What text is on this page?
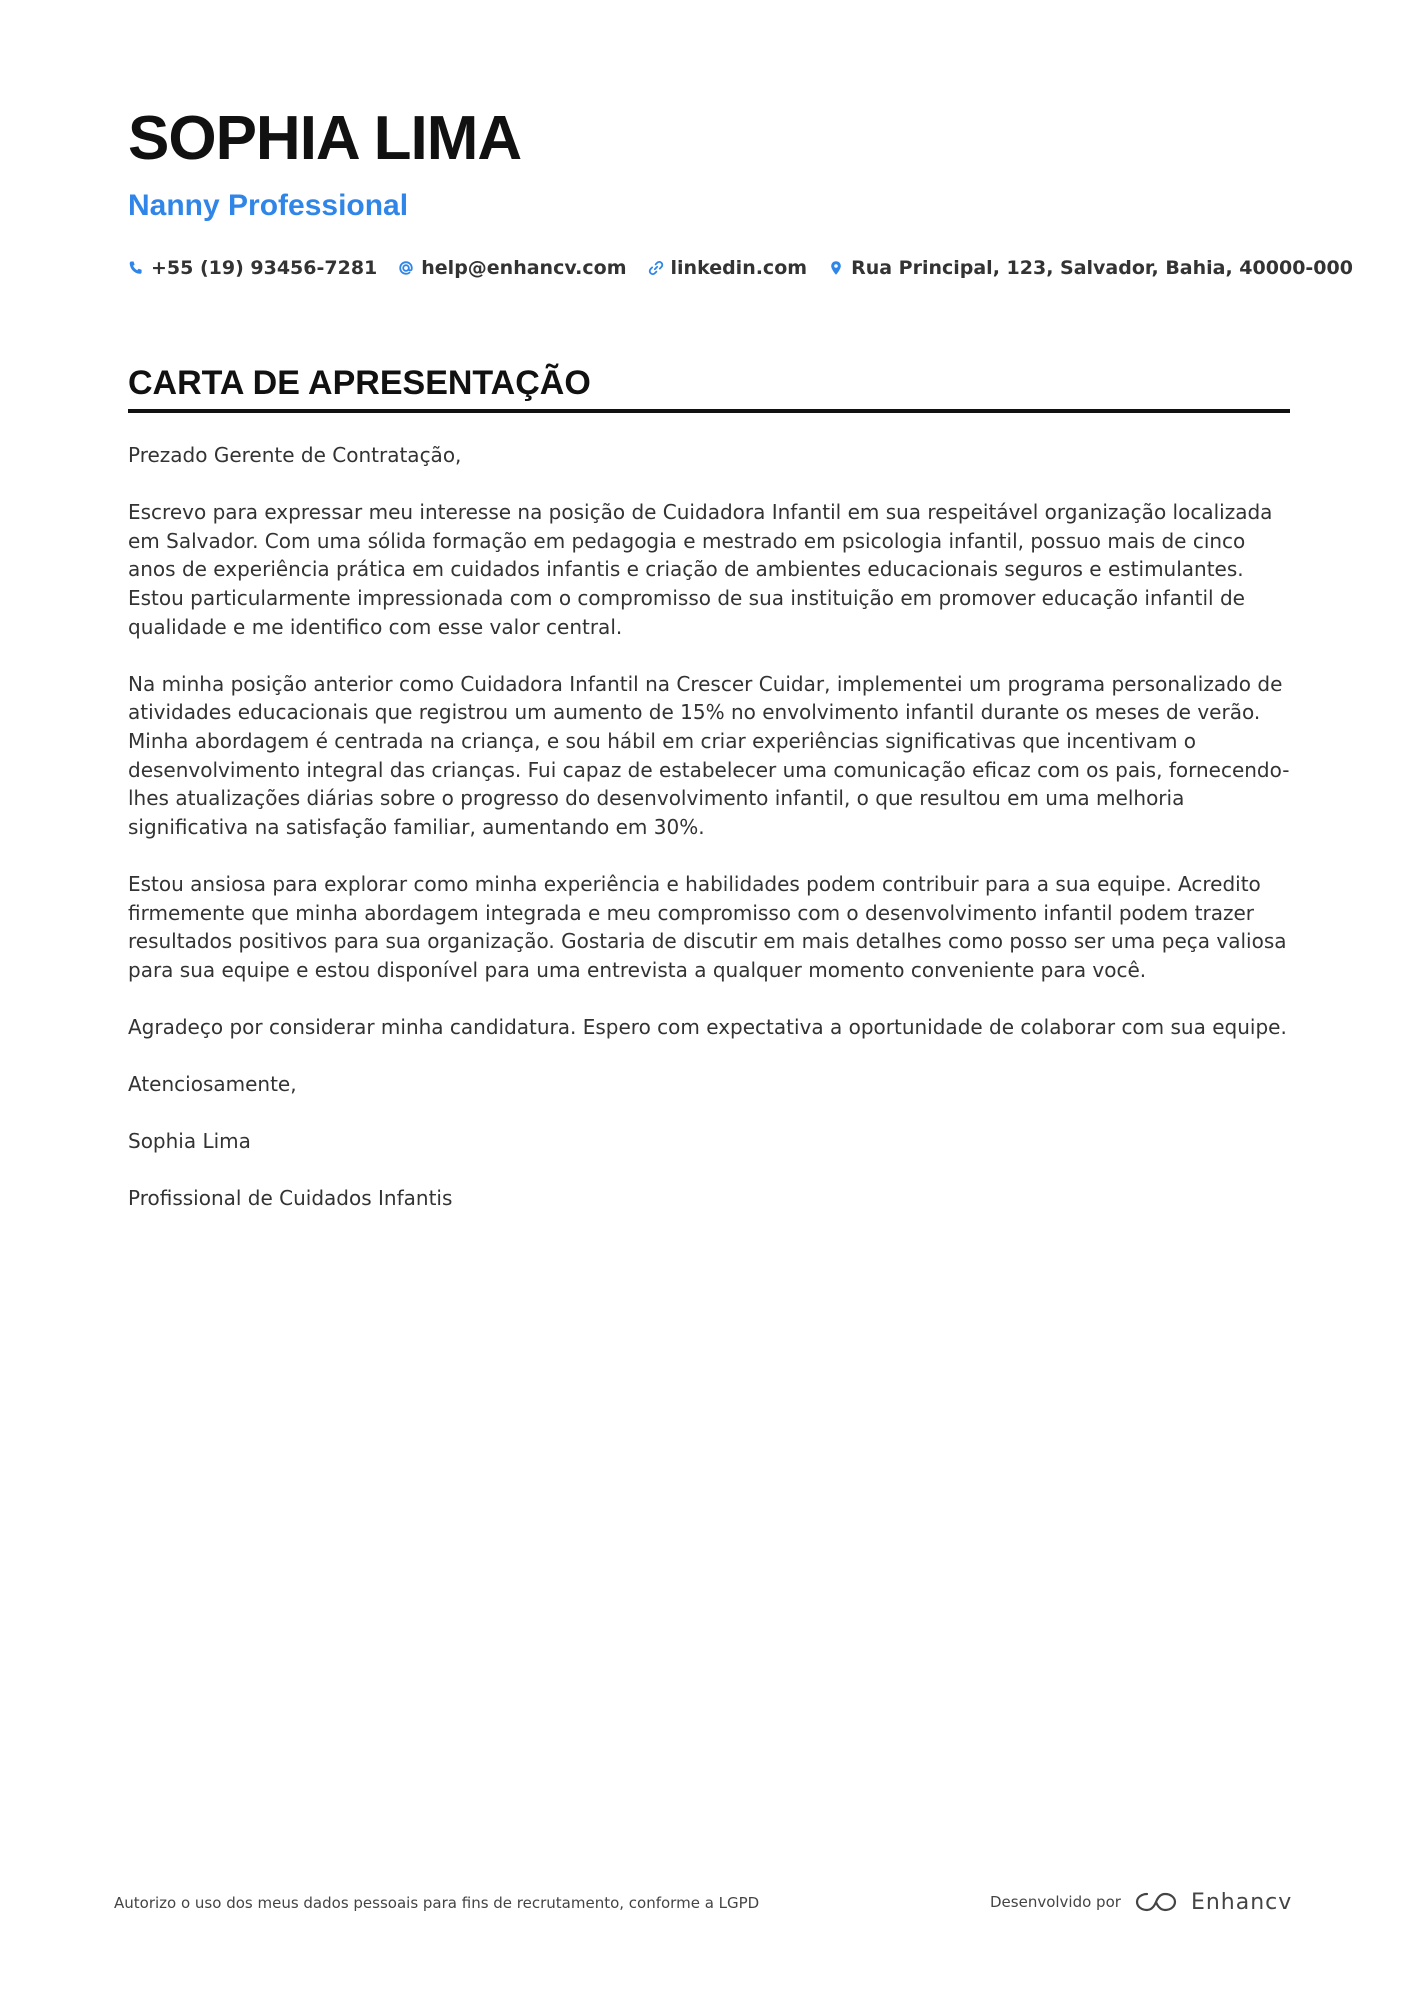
SOPHIA LIMA
Nanny Professional
+55 (19) 93456-7281 help@enhancv.com linkedin.com Rua Principal, 123, Salvador, Bahia, 40000-000
CARTA DE APRESENTAÇÃO

Prezado Gerente de Contratação,

Escrevo para expressar meu interesse na posição de Cuidadora Infantil em sua respeitável organização localizada em Salvador. Com uma sólida formação em pedagogia e mestrado em psicologia infantil, possuo mais de cinco anos de experiência prática em cuidados infantis e criação de ambientes educacionais seguros e estimulantes. Estou particularmente impressionada com o compromisso de sua instituição em promover educação infantil de qualidade e me identifico com esse valor central.

Na minha posição anterior como Cuidadora Infantil na Crescer Cuidar, implementei um programa personalizado de atividades educacionais que registrou um aumento de 15% no envolvimento infantil durante os meses de verão. Minha abordagem é centrada na criança, e sou hábil em criar experiências significativas que incentivam o desenvolvimento integral das crianças. Fui capaz de estabelecer uma comunicação eficaz com os pais, fornecendo-lhes atualizações diárias sobre o progresso do desenvolvimento infantil, o que resultou em uma melhoria significativa na satisfação familiar, aumentando em 30%.

Estou ansiosa para explorar como minha experiência e habilidades podem contribuir para a sua equipe. Acredito firmemente que minha abordagem integrada e meu compromisso com o desenvolvimento infantil podem trazer resultados positivos para sua organização. Gostaria de discutir em mais detalhes como posso ser uma peça valiosa para sua equipe e estou disponível para uma entrevista a qualquer momento conveniente para você.

Agradeço por considerar minha candidatura. Espero com expectativa a oportunidade de colaborar com sua equipe.

Atenciosamente,

Sophia Lima

Profissional de Cuidados Infantis

Autorizo o uso dos meus dados pessoais para fins de recrutamento, conforme a LGPD	Desenvolvido por	Enhancv
